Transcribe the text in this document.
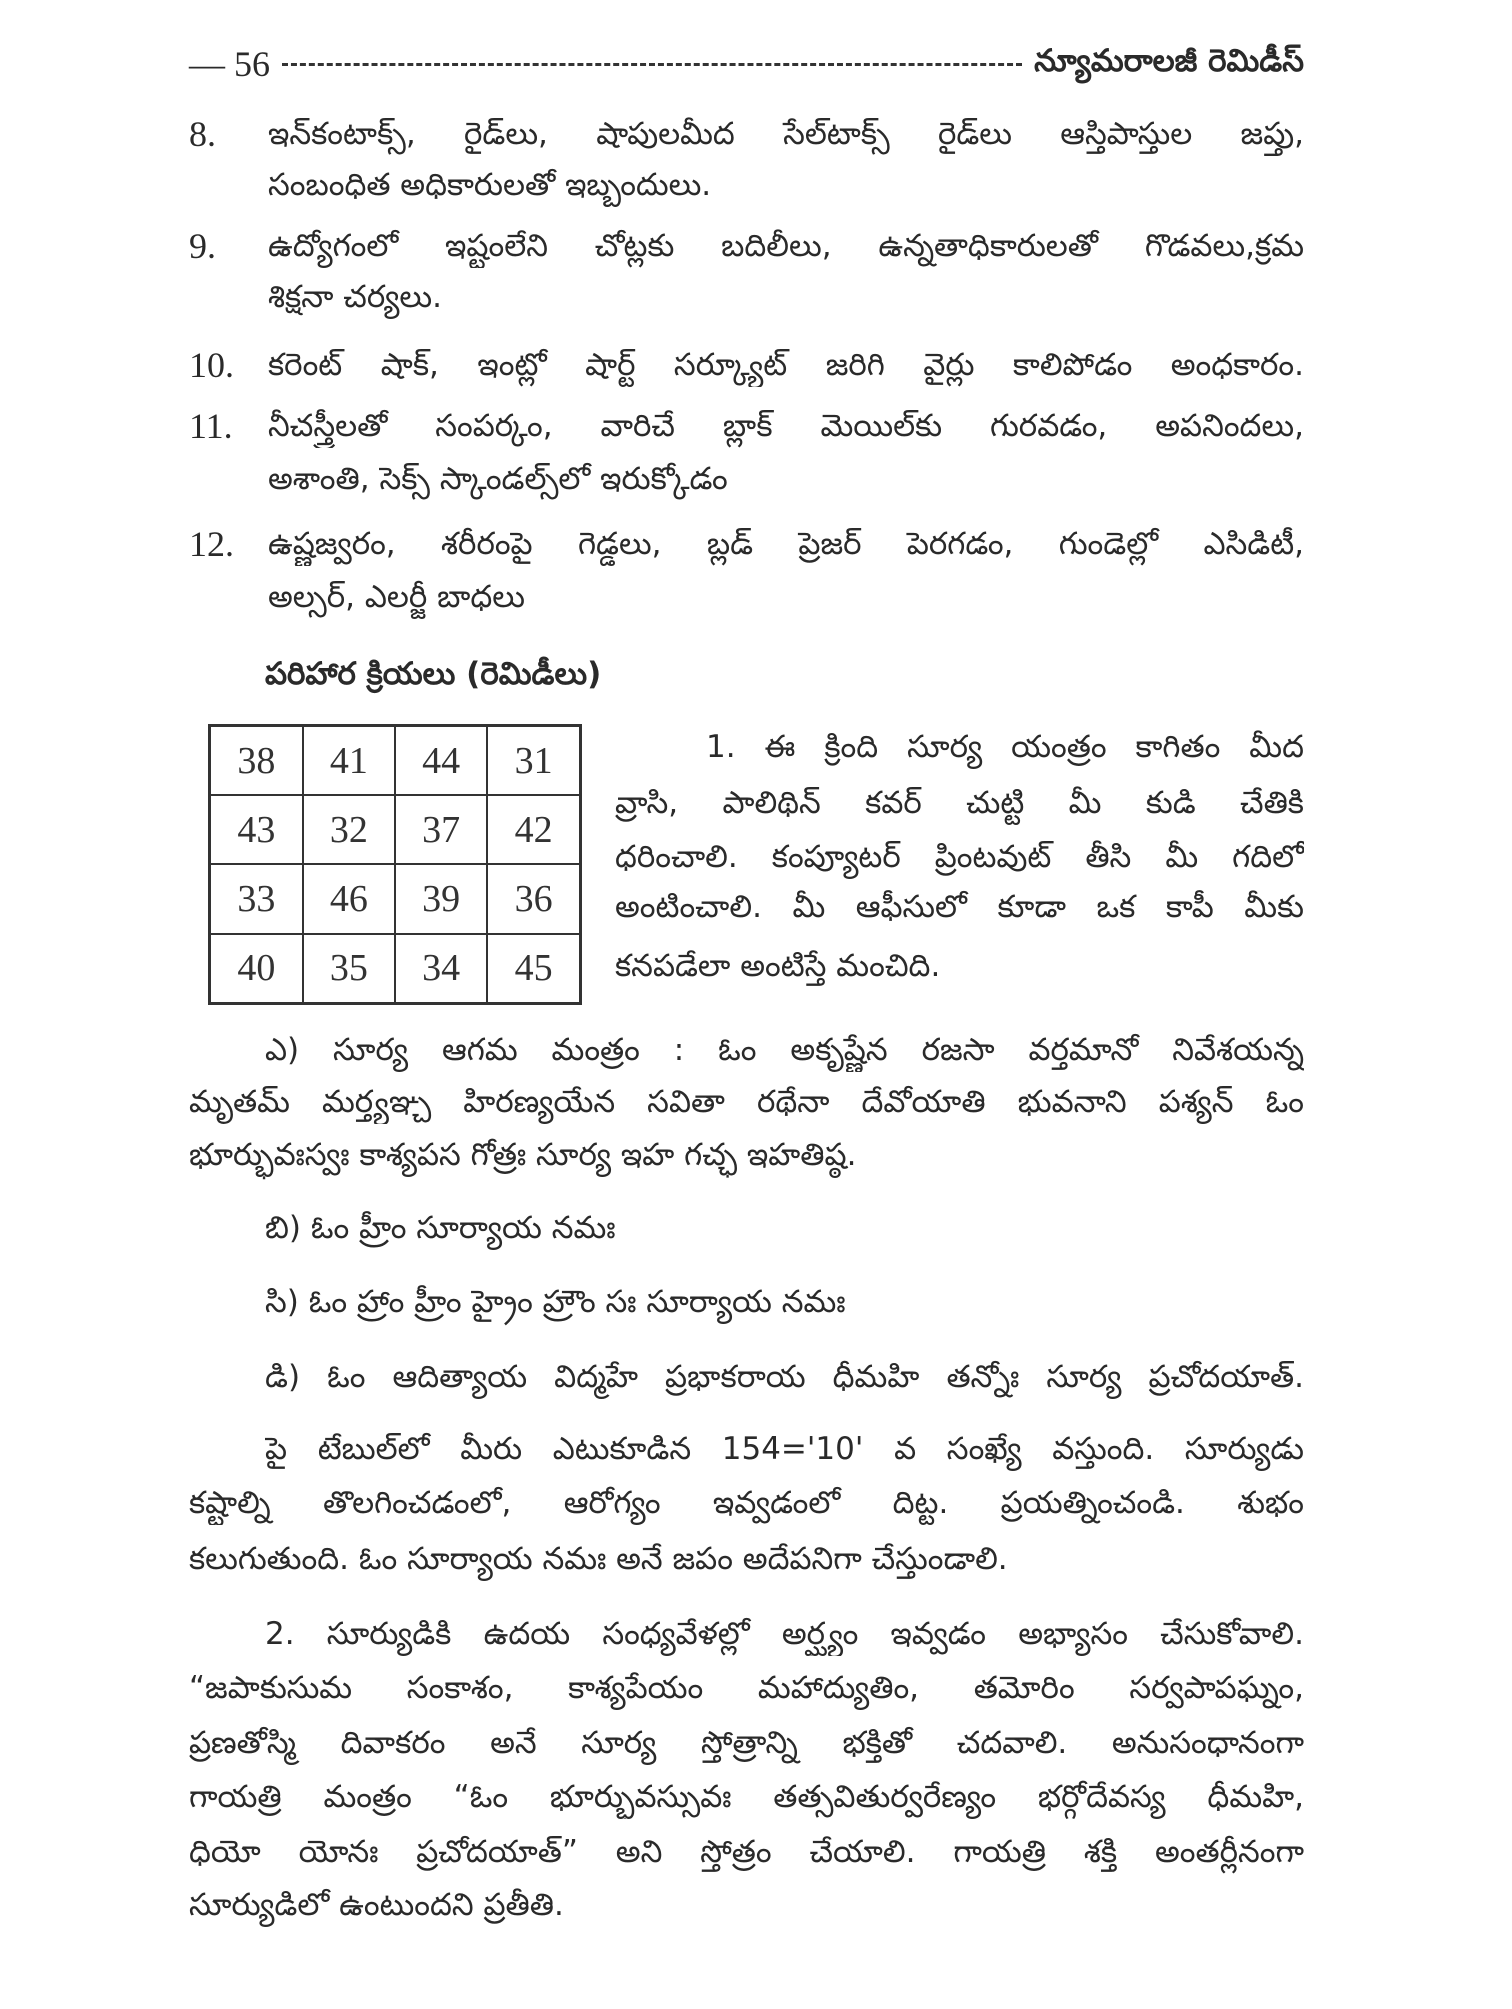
— 56	న్యూమరాలజీ రెమిడీస్
8. ఇన్‌కంటాక్స్, రైడ్‌లు, షాపులమీద సేల్‌టాక్స్ రైడ్‌లు ఆస్తిపాస్తుల జప్తు,
సంబంధిత అధికారులతో ఇబ్బందులు.
9. ఉద్యోగంలో ఇష్టంలేని చోట్లకు బదిలీలు, ఉన్నతాధికారులతో గొడవలు,క్రమ
శిక్షనా చర్యలు.
10. కరెంట్ షాక్, ఇంట్లో షార్ట్ సర్క్యూట్ జరిగి వైర్లు కాలిపోడం అంధకారం.
11. నీచస్త్రీలతో సంపర్కం, వారిచే బ్లాక్ మెయిల్‌కు గురవడం, అపనిందలు,
అశాంతి, సెక్స్ స్కాండల్స్‌లో ఇరుక్కోడం
12. ఉష్ణజ్వరం, శరీరంపై గెడ్డలు, బ్లడ్ ప్రెజర్ పెరగడం, గుండెల్లో ఎసిడిటీ,
అల్సర్, ఎలర్జీ బాధలు
పరిహార క్రియలు (రెమిడీలు)
38	41	44	31
43	32	37	42
33	46	39	36
40	35	34	45
1. ఈ క్రింది సూర్య యంత్రం కాగితం మీద
వ్రాసి, పాలిథిన్ కవర్ చుట్టి మీ కుడి చేతికి
ధరించాలి. కంప్యూటర్ ప్రింటవుట్ తీసి మీ గదిలో
అంటించాలి. మీ ఆఫీసులో కూడా ఒక కాపీ మీకు
కనపడేలా అంటిస్తే మంచిది.
ఎ) సూర్య ఆగమ మంత్రం : ఓం అకృష్ణేన రజసా వర్తమానో నివేశయన్న
మృతమ్ మర్త్యఞ్చ హిరణ్యయేన సవితా రథేనా దేవోయాతి భువనాని పశ్యన్ ఓం
భూర్భువఃస్వః కాశ్యపస గోత్రః సూర్య ఇహ గచ్ఛ ఇహతిష్ఠ.
బి) ఓం హ్రీం సూర్యాయ నమః
సి) ఓం హ్రాం హ్రీం హ్రైం హ్రౌం సః సూర్యాయ నమః
డి) ఓం ఆదిత్యాయ విద్మహే ప్రభాకరాయ ధీమహి తన్నోః సూర్య ప్రచోదయాత్.
పై టేబుల్‌లో మీరు ఎటుకూడిన 154='10' వ సంఖ్యే వస్తుంది. సూర్యుడు
కష్టాల్ని తొలగించడంలో, ఆరోగ్యం ఇవ్వడంలో దిట్ట. ప్రయత్నించండి. శుభం
కలుగుతుంది. ఓం సూర్యాయ నమః అనే జపం అదేపనిగా చేస్తుండాలి.
2. సూర్యుడికి ఉదయ సంధ్యవేళల్లో అర్ఘ్యం ఇవ్వడం అభ్యాసం చేసుకోవాలి.
“జపాకుసుమ సంకాశం, కాశ్యపేయం మహాద్యుతిం, తమోరిం సర్వపాపఘ్నం,
ప్రణతోస్మి దివాకరం అనే సూర్య స్తోత్రాన్ని భక్తితో చదవాలి. అనుసంధానంగా
గాయత్రి మంత్రం “ఓం భూర్భువస్సువః తత్సవితుర్వరేణ్యం భర్గోదేవస్య ధీమహి,
ధియో యోనః ప్రచోదయాత్” అని స్తోత్రం చేయాలి. గాయత్రి శక్తి అంతర్లీనంగా
సూర్యుడిలో ఉంటుందని ప్రతీతి.
